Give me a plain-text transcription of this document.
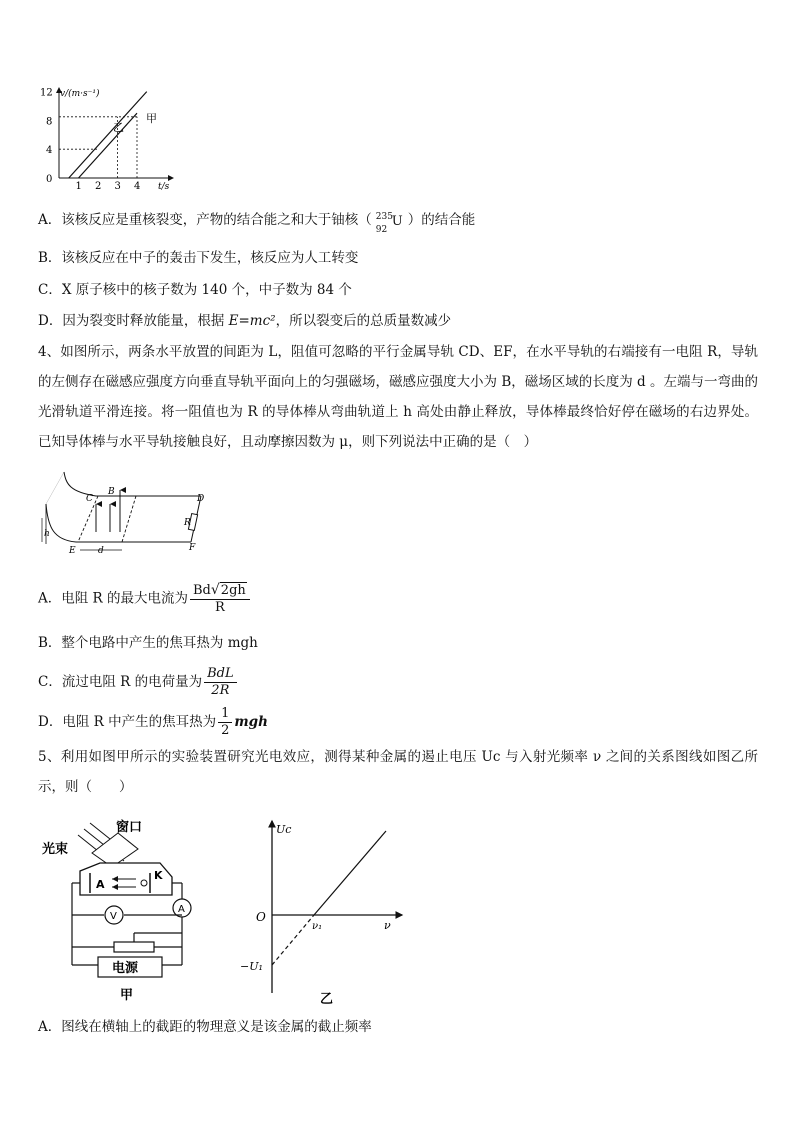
1 2 3 4
0
4
8
12 v/(m·s⁻¹)
t/s
甲
乙
A．该核反应是重核裂变，产物的结合能之和大于铀核（ 235
92
U ）的结合能
B．该核反应在中子的轰击下发生，核反应为人工转变
C．X 原子核中的核子数为 140 个，中子数为 84 个
D．因为裂变时释放能量，根据 E=mc²，所以裂变后的总质量数减少
4、如图所示，两条水平放置的间距为 L，阻值可忽略的平行金属导轨 CD、EF，在水平导轨的右端接有一电阻 R，导轨的左侧存在磁感应强度方向垂直导轨平面向上的匀强磁场，磁感应强度大小为 B，磁场区域的长度为 d 。左端与一弯曲的光滑轨道平滑连接。将一阻值也为 R 的导体棒从弯曲轨道上 h 高处由静止释放，导体棒最终恰好停在磁场的右边界处。已知导体棒与水平导轨接触良好，且动摩擦因数为 μ，则下列说法中正确的是（　）
C
B
D
R
h
E d	F
A．电阻 R 的最大电流为 $\frac{Bd√2gh}{R}$
B．整个电路中产生的焦耳热为 mgh
C．流过电阻 R 的电荷量为 $\frac{\text{BdL}}{2R}$
D．电阻 R 中产生的焦耳热为 $\frac{1}{2}$ mgh
5、利用如图甲所示的实验装置研究光电效应，测得某种金属的遏止电压 Uc 与入射光频率 ν 之间的关系图线如图乙所示，则（　　）
光束
窗口
A
K
V
A
电源
甲
Uc
O
ν₁	ν
−U₁
乙
A．图线在横轴上的截距的物理意义是该金属的截止频率
